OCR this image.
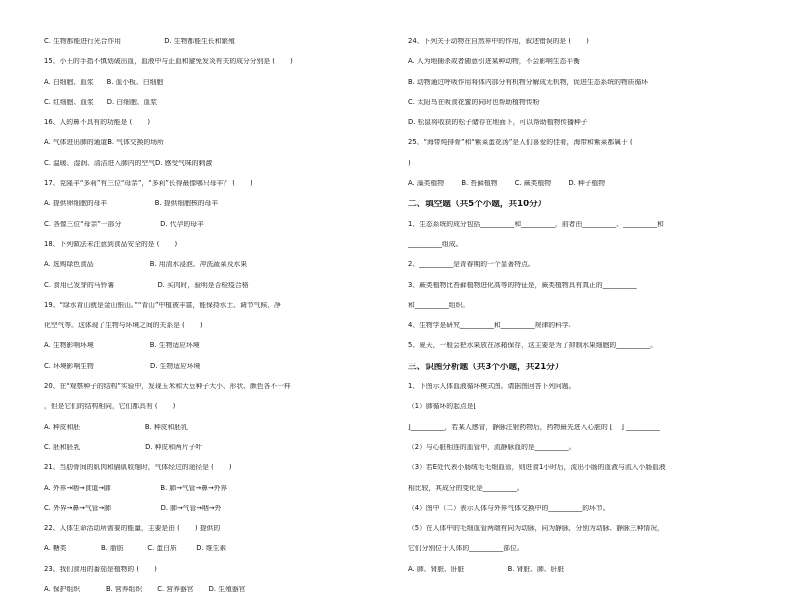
C. 生物都能进行光合作用                    D. 生物都能生长和繁殖
15、小王的手指不慎划破出血，血液中与止血和避免发炎有关的成分分别是 (       )
A. 白细胞、血浆      B. 血小板、白细胞
C. 红细胞、血浆      D. 白细胞、血浆
16、人的鼻不具有的功能是 (       )
A. 气体进出肺的通道B. 气体交换的场所
C. 温暖、湿润、清洁进入肺内的空气D. 感受气味的刺激
17、克隆羊“多莉”有三位“母亲”，“多莉”长得最像哪只母羊？ (       )
A. 提供卵细胞的母羊                      B. 提供细胞核的母羊
C. 各像三位“母亲”一部分                  D. 代孕的母羊
18、下列做法未注意到食品安全的是 (       )
A. 选购绿色食品                          B. 用清水浸泡、冲洗蔬菜及水果
C. 食用已发芽的马铃薯                    D. 买肉时，验明是否检疫合格
19、“绿水青山就是金山银山。”“青山”中植被丰富，能保持水土、调节气候、净
化空气等。这体现了生物与环境之间的关系是 (       )
A. 生物影响环境                          B. 生物适应环境
C. 环境影响生物                          D. 生物适应环境
20、在“观察种子的结构”实验中，发现玉米和大豆种子大小、形状、颜色各不一样
，但是它们的结构相同，它们都具有 (       )
A. 种皮和胚                              B. 种皮和胚乳
C. 胚和胚乳                              D. 种皮和两片子叶
21、当肋骨间的肌肉和膈肌收缩时，气体经过的途径是 (       )
A. 外界→咽→食道→肺                       B. 肺→气管→鼻→外界
C. 外界→鼻→气管→肺                       D. 肺→气管→咽→外
22、人体生命活动所需要的能量，主要是由 (       ) 提供的
A. 糖类                B. 脂肪           C. 蛋白质         D. 维生素
23、我们食用的番茄是植物的 (       )
A. 保护组织            B. 营养组织       C. 营养器官       D. 生殖器官
24、下列关于动物在自然界中的作用，叙述错误的是 (       )
A. 人为地捕杀或者随意引进某种动物，不会影响生态平衡
B. 动物通过呼吸作用将体内部分有机物分解成无机物，促进生态系统的物质循环
C. 太阳鸟在吸食花蜜的同时也帮助植物传粉
D. 松鼠将收获的松子储存在地面下，可以帮助植物传播种子
25、“海带炖排骨”和“紫菜蛋花汤”是人们喜爱的佳肴，海带和紫菜都属于 (
)
A. 藻类植物        B. 苔藓植物        C. 蕨类植物        D. 种子植物
二、填空题（共5个小题，共10分）
1、生态系统的成分包括__________和__________，前者由__________、__________和
__________组成。
2、__________是青春期的一个显著特点。
3、蕨类植物比苔藓植物进化高等的特征是，蕨类植物具有真正的__________
和__________组织。
4、生物学是研究__________和__________规律的科学.
5、夏天，一般会把水果放在冰箱保存，这主要是为了抑制水果细胞的__________。
三、识图分析题（共3个小题，共21分）
1、下图示人体血液循环模式图。请据图回答下列问题。
（1）肺循环的起点是[
]__________，若某人感冒，静脉注射药物后，药物最先进入心脏的 [    ] __________
（2）与心脏相连的血管中，流静脉血的是__________。
（3）若E处代表小肠绒毛毛细血管，则进食1小时后，流出小肠的血液与流入小肠血液
相比较，其成分的变化是__________。
（4）图中（二）表示人体与外界气体交换中的__________的环节。
（5）在人体中的毛细血管两端有同为动脉，同为静脉，分别为动脉、静脉三种情况，
它们分别位于人体的__________部位。
A. 肺、肾脏、肝脏                    B. 肾脏、肺、肝脏
